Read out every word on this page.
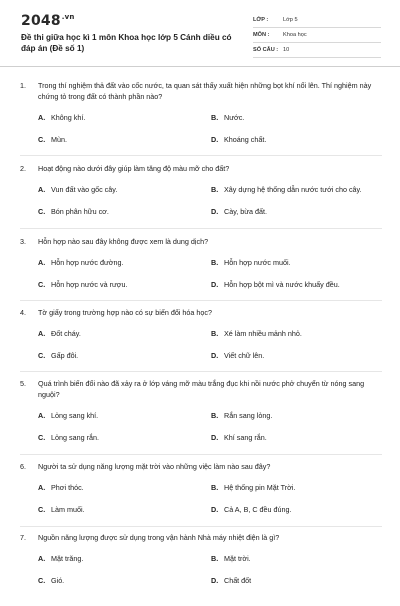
$2048^{.vn}$
Đề thi giữa học kì 1 môn Khoa học lớp 5 Cánh diều có đáp án (Đề số 1)
LỚP :	Lớp 5
MÔN :	Khoa học
SỐ CÂU : 10
1.	Trong thí nghiệm thả đất vào cốc nước, ta quan sát thấy xuất hiện những bọt khí nổi lên. Thí nghiệm này chứng tỏ trong đất có thành phần nào?
A. Không khí.	B. Nước.
C. Mùn.	D. Khoáng chất.
2.	Hoạt động nào dưới đây giúp làm tăng độ màu mỡ cho đất?
A. Vun đất vào gốc cây.	B. Xây dựng hệ thống dẫn nước tưới cho cây.
C. Bón phân hữu cơ.	D. Cày, bừa đất.
3.	Hỗn hợp nào sau đây không được xem là dung dịch?
A. Hỗn hợp nước đường.	B. Hỗn hợp nước muối.
C. Hỗn hợp nước và rượu.	D. Hỗn hợp bột mì và nước khuấy đều.
4.	Tờ giấy trong trường hợp nào có sự biến đổi hóa học?
A. Đốt cháy.	B. Xé làm nhiều mảnh nhỏ.
C. Gấp đôi.	D. Viết chữ lên.
5.	Quá trình biến đổi nào đã xảy ra ở lớp váng mỡ màu trắng đục khi nồi nước phở chuyển từ nóng sang nguội?
A. Lỏng sang khí.	B. Rắn sang lỏng.
C. Lỏng sang rắn.	D. Khí sang rắn.
6.	Người ta sử dụng năng lượng mặt trời vào những việc làm nào sau đây?
A. Phơi thóc.	B. Hệ thống pin Mặt Trời.
C. Làm muối.	D. Cả A, B, C đều đúng.
7.	Nguồn năng lượng được sử dụng trong vận hành Nhà máy nhiệt điện là gì?
A. Mặt trăng.	B. Mặt trời.
C. Gió.	D. Chất đốt
